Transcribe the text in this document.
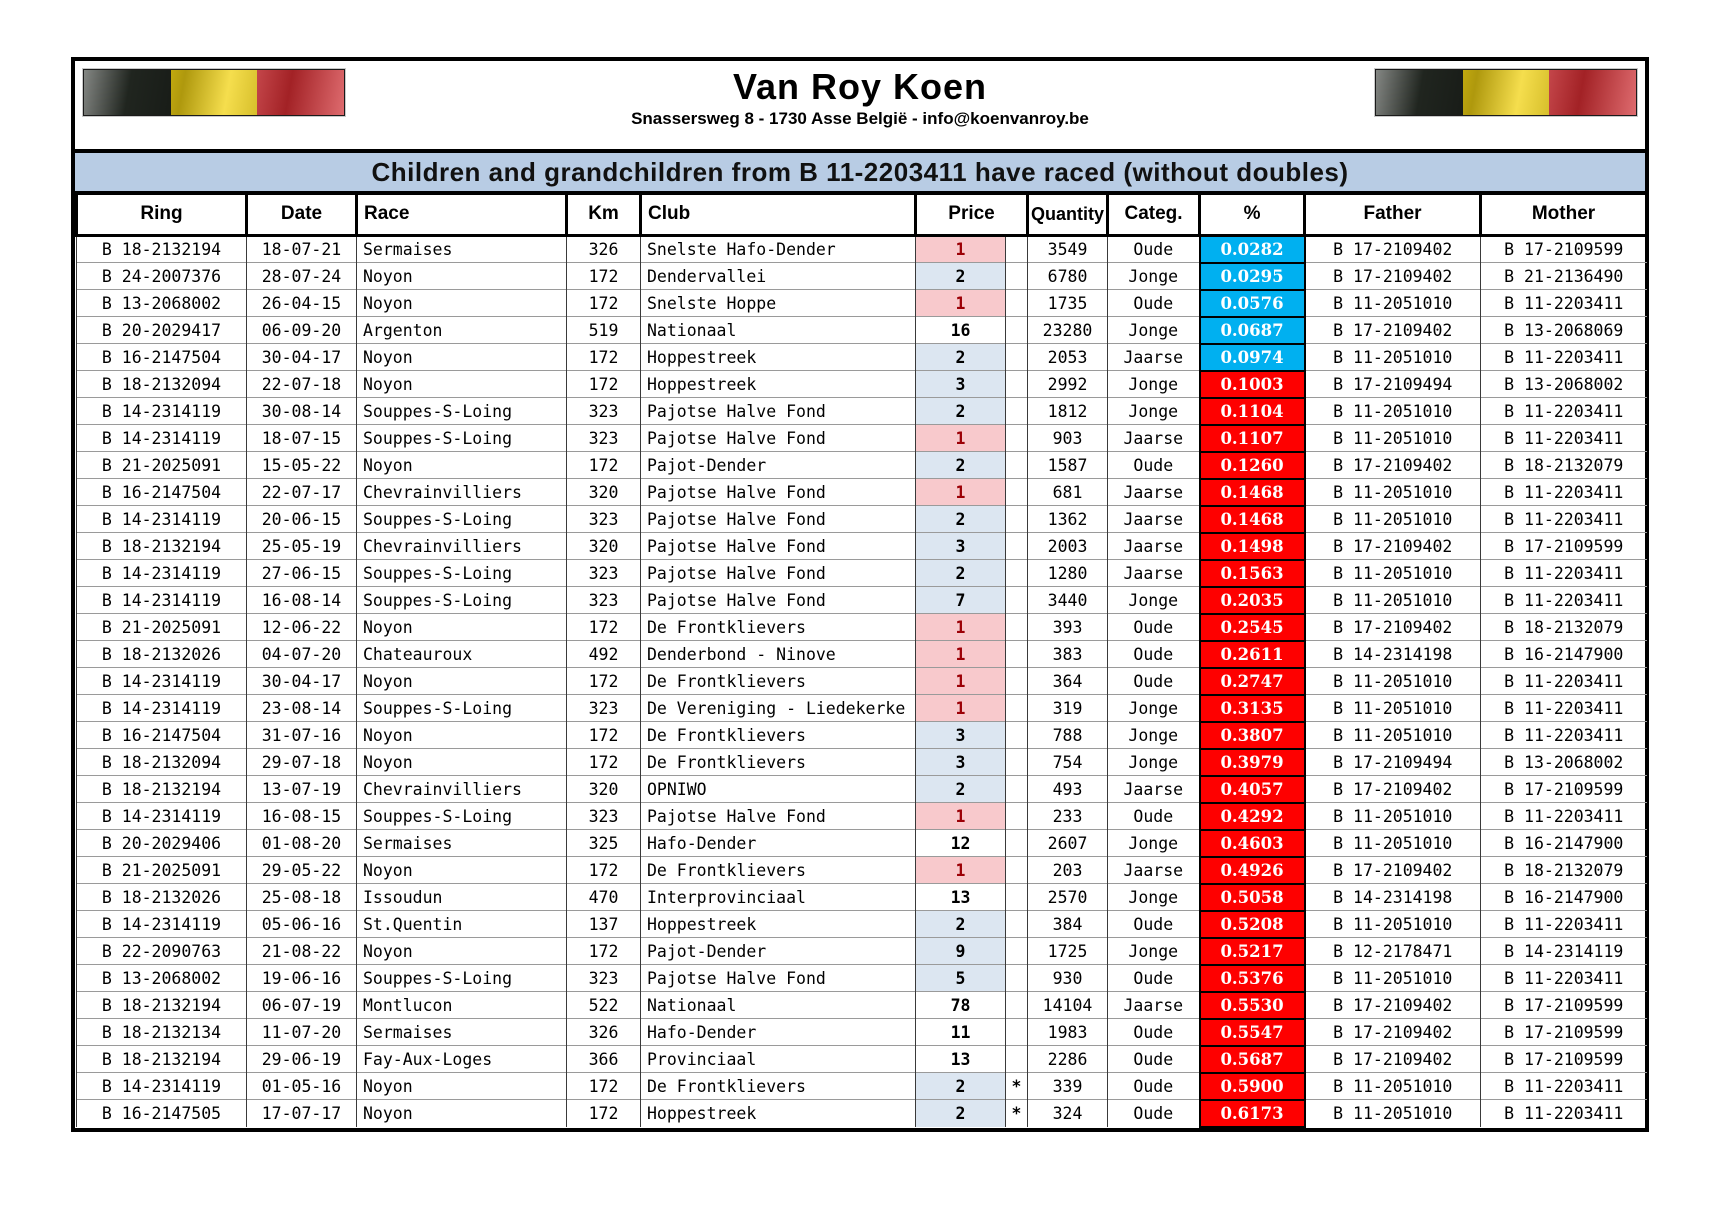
Van Roy Koen
Snassersweg 8 - 1730 Asse België - info@koenvanroy.be
Children and grandchildren from B 11-2203411 have raced (without doubles)
Ring	Date	Race	Km	Club	Price		Quantity	Categ.	%	Father	Mother
B 18-2132194	18-07-21	Sermaises	326	Snelste Hafo-Dender	1		3549	Oude	0.0282	B 17-2109402	B 17-2109599
B 24-2007376	28-07-24	Noyon	172	Dendervallei	2		6780	Jonge	0.0295	B 17-2109402	B 21-2136490
B 13-2068002	26-04-15	Noyon	172	Snelste Hoppe	1		1735	Oude	0.0576	B 11-2051010	B 11-2203411
B 20-2029417	06-09-20	Argenton	519	Nationaal	16		23280	Jonge	0.0687	B 17-2109402	B 13-2068069
B 16-2147504	30-04-17	Noyon	172	Hoppestreek	2		2053	Jaarse	0.0974	B 11-2051010	B 11-2203411
B 18-2132094	22-07-18	Noyon	172	Hoppestreek	3		2992	Jonge	0.1003	B 17-2109494	B 13-2068002
B 14-2314119	30-08-14	Souppes-S-Loing	323	Pajotse Halve Fond	2		1812	Jonge	0.1104	B 11-2051010	B 11-2203411
B 14-2314119	18-07-15	Souppes-S-Loing	323	Pajotse Halve Fond	1		903	Jaarse	0.1107	B 11-2051010	B 11-2203411
B 21-2025091	15-05-22	Noyon	172	Pajot-Dender	2		1587	Oude	0.1260	B 17-2109402	B 18-2132079
B 16-2147504	22-07-17	Chevrainvilliers	320	Pajotse Halve Fond	1		681	Jaarse	0.1468	B 11-2051010	B 11-2203411
B 14-2314119	20-06-15	Souppes-S-Loing	323	Pajotse Halve Fond	2		1362	Jaarse	0.1468	B 11-2051010	B 11-2203411
B 18-2132194	25-05-19	Chevrainvilliers	320	Pajotse Halve Fond	3		2003	Jaarse	0.1498	B 17-2109402	B 17-2109599
B 14-2314119	27-06-15	Souppes-S-Loing	323	Pajotse Halve Fond	2		1280	Jaarse	0.1563	B 11-2051010	B 11-2203411
B 14-2314119	16-08-14	Souppes-S-Loing	323	Pajotse Halve Fond	7		3440	Jonge	0.2035	B 11-2051010	B 11-2203411
B 21-2025091	12-06-22	Noyon	172	De Frontklievers	1		393	Oude	0.2545	B 17-2109402	B 18-2132079
B 18-2132026	04-07-20	Chateauroux	492	Denderbond - Ninove	1		383	Oude	0.2611	B 14-2314198	B 16-2147900
B 14-2314119	30-04-17	Noyon	172	De Frontklievers	1		364	Oude	0.2747	B 11-2051010	B 11-2203411
B 14-2314119	23-08-14	Souppes-S-Loing	323	De Vereniging - Liedekerke	1		319	Jonge	0.3135	B 11-2051010	B 11-2203411
B 16-2147504	31-07-16	Noyon	172	De Frontklievers	3		788	Jonge	0.3807	B 11-2051010	B 11-2203411
B 18-2132094	29-07-18	Noyon	172	De Frontklievers	3		754	Jonge	0.3979	B 17-2109494	B 13-2068002
B 18-2132194	13-07-19	Chevrainvilliers	320	OPNIWO	2		493	Jaarse	0.4057	B 17-2109402	B 17-2109599
B 14-2314119	16-08-15	Souppes-S-Loing	323	Pajotse Halve Fond	1		233	Oude	0.4292	B 11-2051010	B 11-2203411
B 20-2029406	01-08-20	Sermaises	325	Hafo-Dender	12		2607	Jonge	0.4603	B 11-2051010	B 16-2147900
B 21-2025091	29-05-22	Noyon	172	De Frontklievers	1		203	Jaarse	0.4926	B 17-2109402	B 18-2132079
B 18-2132026	25-08-18	Issoudun	470	Interprovinciaal	13		2570	Jonge	0.5058	B 14-2314198	B 16-2147900
B 14-2314119	05-06-16	St.Quentin	137	Hoppestreek	2		384	Oude	0.5208	B 11-2051010	B 11-2203411
B 22-2090763	21-08-22	Noyon	172	Pajot-Dender	9		1725	Jonge	0.5217	B 12-2178471	B 14-2314119
B 13-2068002	19-06-16	Souppes-S-Loing	323	Pajotse Halve Fond	5		930	Oude	0.5376	B 11-2051010	B 11-2203411
B 18-2132194	06-07-19	Montlucon	522	Nationaal	78		14104	Jaarse	0.5530	B 17-2109402	B 17-2109599
B 18-2132134	11-07-20	Sermaises	326	Hafo-Dender	11		1983	Oude	0.5547	B 17-2109402	B 17-2109599
B 18-2132194	29-06-19	Fay-Aux-Loges	366	Provinciaal	13		2286	Oude	0.5687	B 17-2109402	B 17-2109599
B 14-2314119	01-05-16	Noyon	172	De Frontklievers	2	*	339	Oude	0.5900	B 11-2051010	B 11-2203411
B 16-2147505	17-07-17	Noyon	172	Hoppestreek	2	*	324	Oude	0.6173	B 11-2051010	B 11-2203411
